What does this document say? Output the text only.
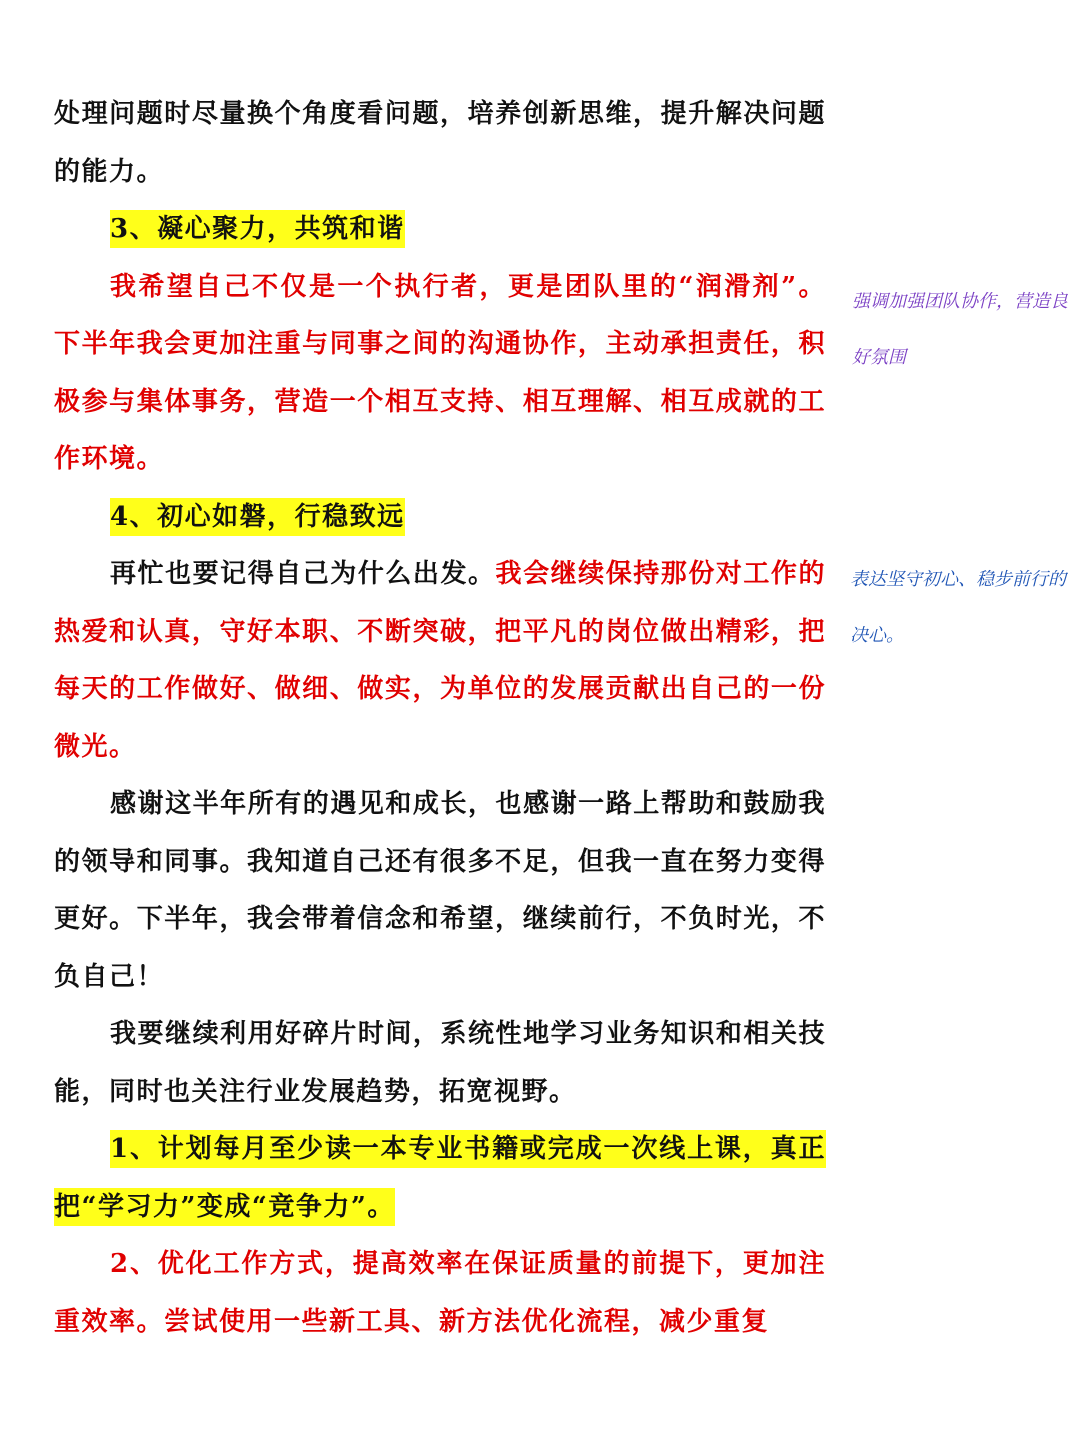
处理问题时尽量换个角度看问题，培养创新思维，提升解决问题的能力。

3、凝心聚力，共筑和谐

我希望自己不仅是一个执行者，更是团队里的“润滑剂”。下半年我会更加注重与同事之间的沟通协作，主动承担责任，积极参与集体事务，营造一个相互支持、相互理解、相互成就的工作环境。

4、初心如磐，行稳致远

再忙也要记得自己为什么出发。我会继续保持那份对工作的热爱和认真，守好本职、不断突破，把平凡的岗位做出精彩，把每天的工作做好、做细、做实，为单位的发展贡献出自己的一份微光。

感谢这半年所有的遇见和成长，也感谢一路上帮助和鼓励我的领导和同事。我知道自己还有很多不足，但我一直在努力变得更好。下半年，我会带着信念和希望，继续前行，不负时光，不负自己！

我要继续利用好碎片时间，系统性地学习业务知识和相关技能，同时也关注行业发展趋势，拓宽视野。

1、计划每月至少读一本专业书籍或完成一次线上课，真正把“学习力”变成“竞争力”。

2、优化工作方式，提高效率在保证质量的前提下，更加注重效率。尝试使用一些新工具、新方法优化流程，减少重复

强调加强团队协作，营造良好氛围
表达坚守初心、稳步前行的决心。
